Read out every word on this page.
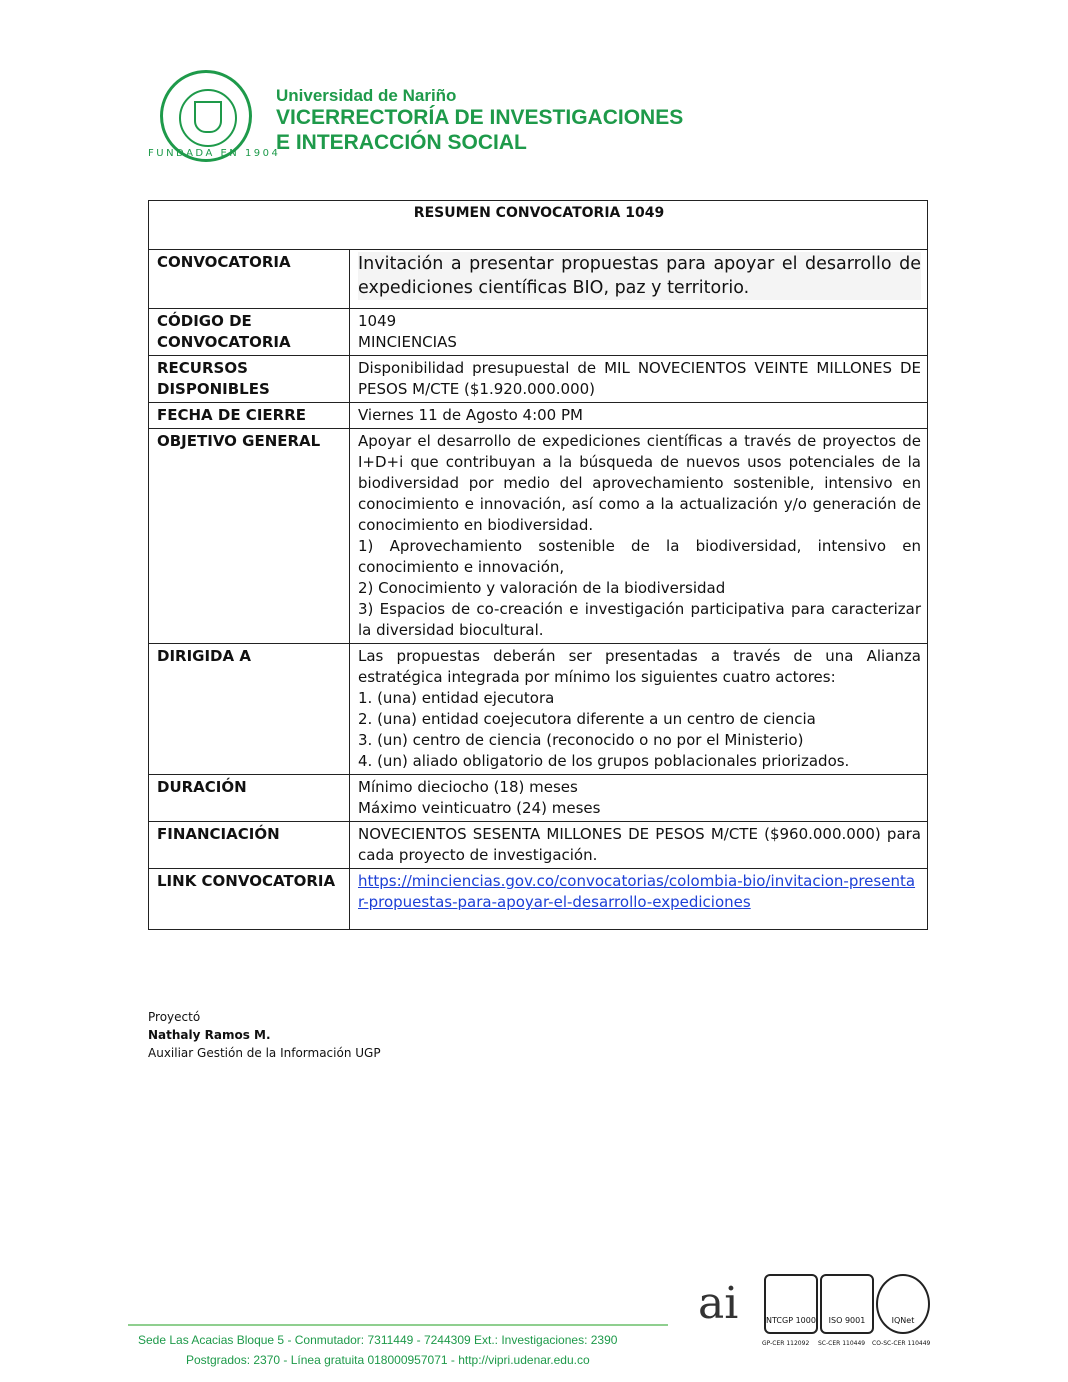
FUNDADA EN 1904
Universidad de Nariño
VICERRECTORÍA DE INVESTIGACIONES
E INTERACCIÓN SOCIAL
RESUMEN CONVOCATORIA 1049	
CONVOCATORIA	Invitación a presentar propuestas para apoyar el desarrollo de expediciones científicas BIO, paz y territorio.
CÓDIGO DE CONVOCATORIA	1049
MINCIENCIAS

RECURSOS DISPONIBLES	Disponibilidad presupuestal de MIL NOVECIENTOS VEINTE MILLONES DE PESOS M/CTE ($1.920.000.000)
FECHA DE CIERRE	Viernes 11 de Agosto 4:00 PM
OBJETIVO GENERAL	Apoyar el desarrollo de expediciones científicas a través de proyectos de I+D+i que contribuyan a la búsqueda de nuevos usos potenciales de la biodiversidad por medio del aprovechamiento sostenible, intensivo en conocimiento e innovación, así como a la actualización y/o generación de conocimiento en biodiversidad.
1) Aprovechamiento sostenible de la biodiversidad, intensivo en conocimiento e innovación,
2) Conocimiento y valoración de la biodiversidad
3) Espacios de co-creación e investigación participativa para caracterizar la diversidad biocultural.

DIRIGIDA A	Las propuestas deberán ser presentadas a través de una Alianza estratégica integrada por mínimo los siguientes cuatro actores:
1. (una) entidad ejecutora
2. (una) entidad coejecutora diferente a un centro de ciencia
3. (un) centro de ciencia (reconocido o no por el Ministerio)
4. (un) aliado obligatorio de los grupos poblacionales priorizados.

DURACIÓN	Mínimo dieciocho (18) meses
Máximo veinticuatro (24) meses

FINANCIACIÓN	NOVECIENTOS SESENTA MILLONES DE PESOS M/CTE ($960.000.000) para cada proyecto de investigación.
LINK CONVOCATORIA	https://minciencias.gov.co/convocatorias/colombia-bio/invitacion-presentar-propuestas-para-apoyar-el-desarrollo-expediciones
Proyectó
Nathaly Ramos M.
Auxiliar Gestión de la Información UGP
Sede Las Acacias Bloque 5 - Conmutador: 7311449 - 7244309 Ext.: Investigaciones: 2390
Postgrados: 2370 - Línea gratuita 018000957071 - http://vipri.udenar.edu.co
ai	NTCGP 1000	ISO 9001	IQNet
GP-CER 112092 SC-CER 110449 CO-SC-CER 110449
